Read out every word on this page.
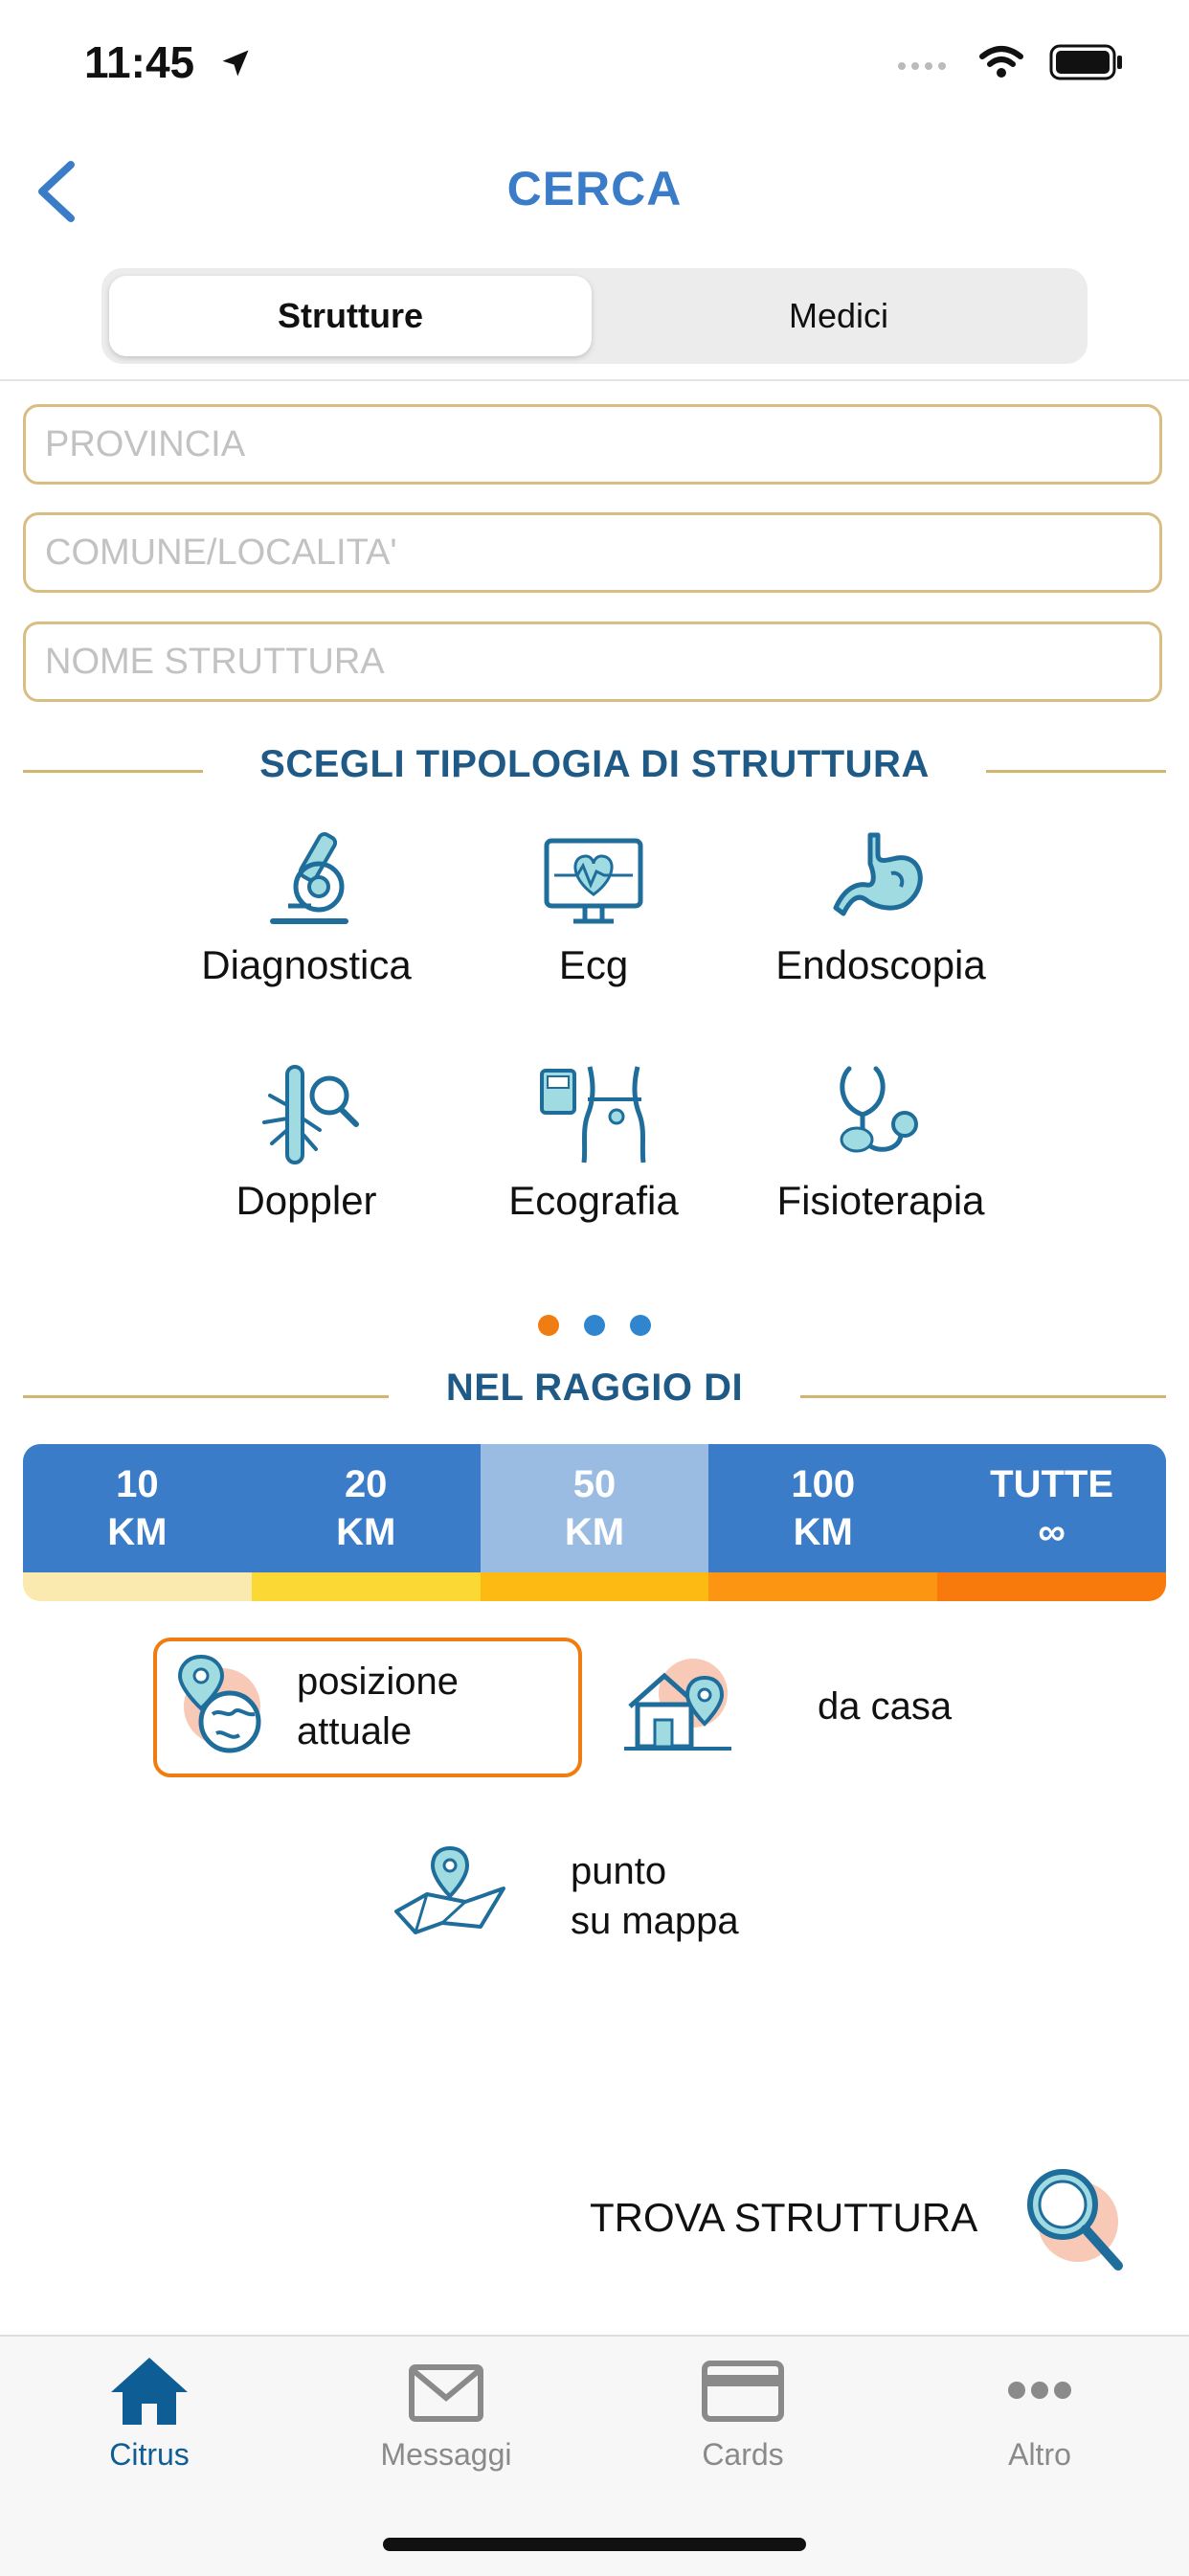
11:45
CERCA
Strutture	Medici
PROVINCIA
COMUNE/LOCALITA'
NOME STRUTTURA
SCEGLI TIPOLOGIA DI STRUTTURA
Diagnostica	Ecg	Endoscopia
Doppler	Ecografia	Fisioterapia
NEL RAGGIO DI
10
KM
20
KM
50
KM
100
KM
TUTTE
∞
posizione
attuale
da casa
punto
su mappa
TROVA STRUTTURA
Citrus	Messaggi	Cards	Altro
